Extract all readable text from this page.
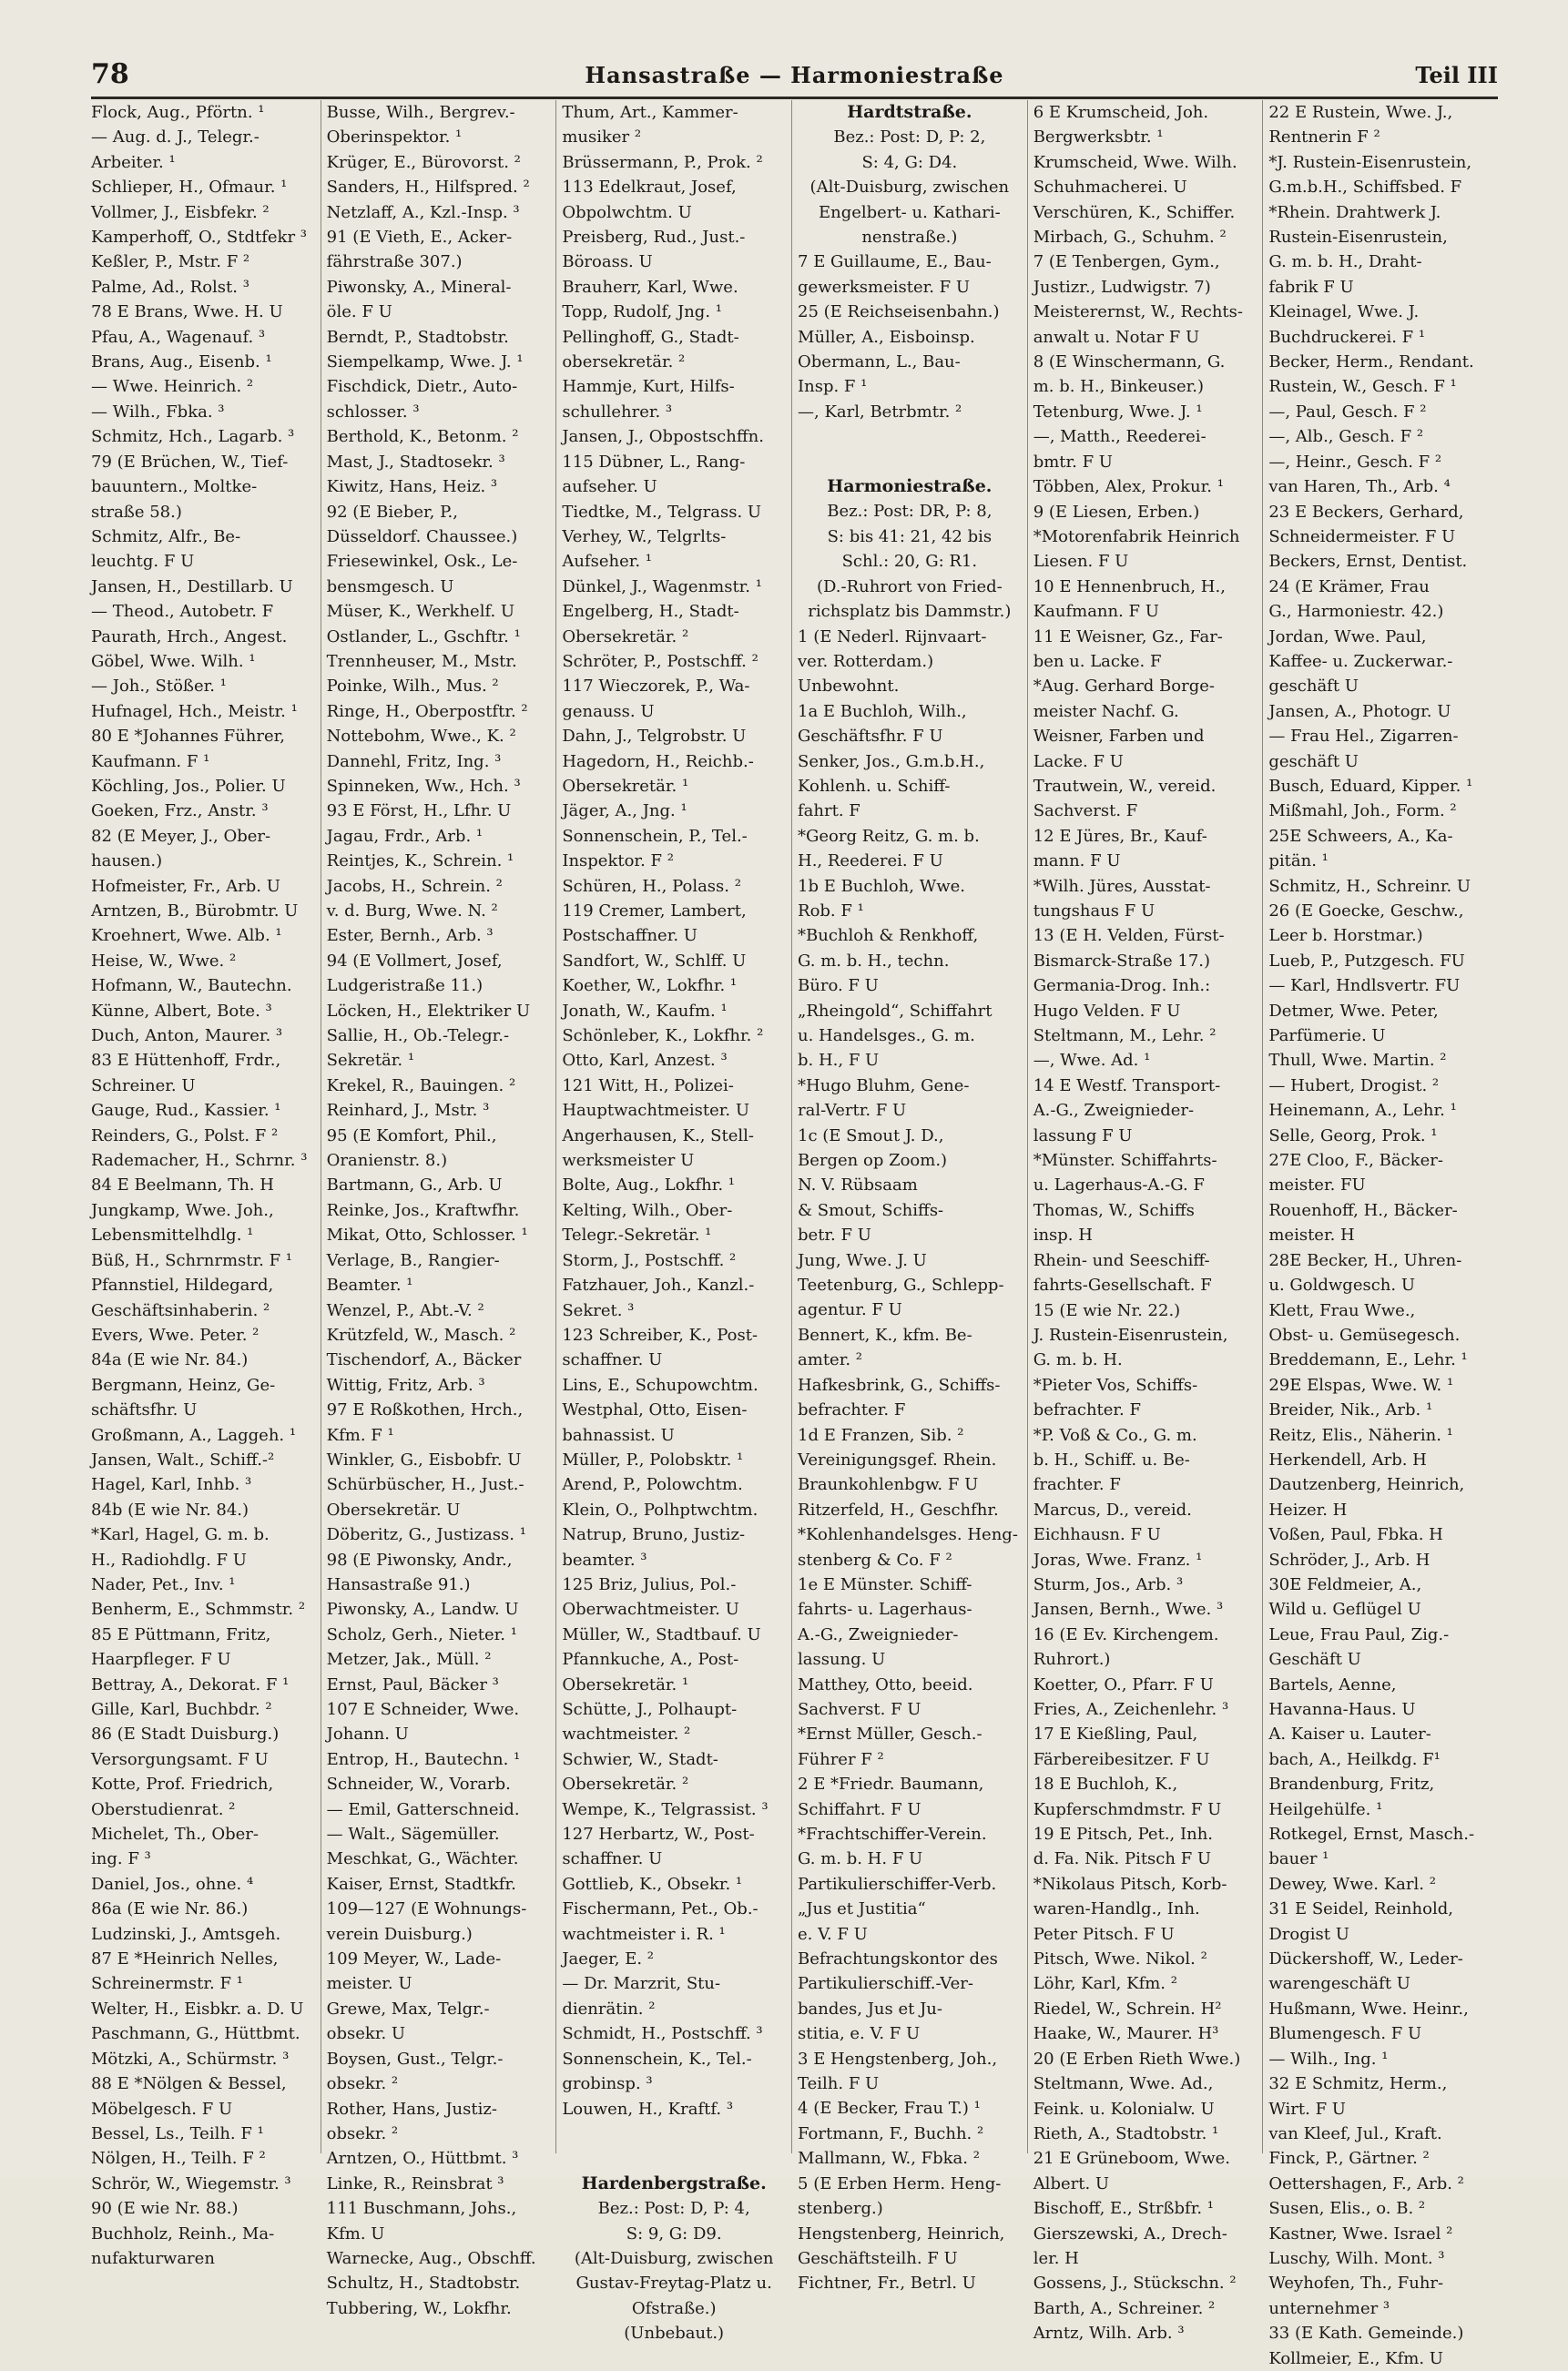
78	Hansastraße — Harmoniestraße	Teil III
Flock, Aug., Pförtn. ¹
— Aug. d. J., Telegr.-
Arbeiter. ¹
Schlieper, H., Ofmaur. ¹
Vollmer, J., Eisbfekr. ²
Kamperhoff, O., Stdtfekr ³
Keßler, P., Mstr. F ²
Palme, Ad., Rolst. ³
78 E Brans, Wwe. H. U
Pfau, A., Wagenauf. ³
Brans, Aug., Eisenb. ¹
— Wwe. Heinrich. ²
— Wilh., Fbka. ³
Schmitz, Hch., Lagarb. ³
79 (E Brüchen, W., Tief-
bauuntern., Moltke-
straße 58.)
Schmitz, Alfr., Be-
leuchtg. F U
Jansen, H., Destillarb. U
— Theod., Autobetr. F
Paurath, Hrch., Angest.
Göbel, Wwe. Wilh. ¹
— Joh., Stößer. ¹
Hufnagel, Hch., Meistr. ¹
80 E *Johannes Führer,
Kaufmann. F ¹
Köchling, Jos., Polier. U
Goeken, Frz., Anstr. ³
82 (E Meyer, J., Ober-
hausen.)
Hofmeister, Fr., Arb. U
Arntzen, B., Bürobmtr. U
Kroehnert, Wwe. Alb. ¹
Heise, W., Wwe. ²
Hofmann, W., Bautechn.
Künne, Albert, Bote. ³
Duch, Anton, Maurer. ³
83 E Hüttenhoff, Frdr.,
Schreiner. U
Gauge, Rud., Kassier. ¹
Reinders, G., Polst. F ²
Rademacher, H., Schrnr. ³
84 E Beelmann, Th. H
Jungkamp, Wwe. Joh.,
Lebensmittelhdlg. ¹
Büß, H., Schrnrmstr. F ¹
Pfannstiel, Hildegard,
Geschäftsinhaberin. ²
Evers, Wwe. Peter. ²
84a (E wie Nr. 84.)
Bergmann, Heinz, Ge-
schäftsfhr. U
Großmann, A., Laggeh. ¹
Jansen, Walt., Schiff.-²
Hagel, Karl, Inhb. ³
84b (E wie Nr. 84.)
*Karl, Hagel, G. m. b.
H., Radiohdlg. F U
Nader, Pet., Inv. ¹
Benherm, E., Schmmstr. ²
85 E Püttmann, Fritz,
Haarpfleger. F U
Bettray, A., Dekorat. F ¹
Gille, Karl, Buchbdr. ²
86 (E Stadt Duisburg.)
Versorgungsamt. F U
Kotte, Prof. Friedrich,
Oberstudienrat. ²
Michelet, Th., Ober-
ing. F ³
Daniel, Jos., ohne. ⁴
86a (E wie Nr. 86.)
Ludzinski, J., Amtsgeh.
87 E *Heinrich Nelles,
Schreinermstr. F ¹
Welter, H., Eisbkr. a. D. U
Paschmann, G., Hüttbmt.
Mötzki, A., Schürmstr. ³
88 E *Nölgen & Bessel,
Möbelgesch. F U
Bessel, Ls., Teilh. F ¹
Nölgen, H., Teilh. F ²
Schrör, W., Wiegemstr. ³
90 (E wie Nr. 88.)
Buchholz, Reinh., Ma-
nufakturwaren
Busse, Wilh., Bergrev.-
Oberinspektor. ¹
Krüger, E., Bürovorst. ²
Sanders, H., Hilfspred. ²
Netzlaff, A., Kzl.-Insp. ³
91 (E Vieth, E., Acker-
fährstraße 307.)
Piwonsky, A., Mineral-
öle. F U
Berndt, P., Stadtobstr.
Siempelkamp, Wwe. J. ¹
Fischdick, Dietr., Auto-
schlosser. ³
Berthold, K., Betonm. ²
Mast, J., Stadtosekr. ³
Kiwitz, Hans, Heiz. ³
92 (E Bieber, P.,
Düsseldorf. Chaussee.)
Friesewinkel, Osk., Le-
bensmgesch. U
Müser, K., Werkhelf. U
Ostlander, L., Gschftr. ¹
Trennheuser, M., Mstr.
Poinke, Wilh., Mus. ²
Ringe, H., Oberpostftr. ²
Nottebohm, Wwe., K. ²
Dannehl, Fritz, Ing. ³
Spinneken, Ww., Hch. ³
93 E Först, H., Lfhr. U
Jagau, Frdr., Arb. ¹
Reintjes, K., Schrein. ¹
Jacobs, H., Schrein. ²
v. d. Burg, Wwe. N. ²
Ester, Bernh., Arb. ³
94 (E Vollmert, Josef,
Ludgeristraße 11.)
Löcken, H., Elektriker U
Sallie, H., Ob.-Telegr.-
Sekretär. ¹
Krekel, R., Bauingen. ²
Reinhard, J., Mstr. ³
95 (E Komfort, Phil.,
Oranienstr. 8.)
Bartmann, G., Arb. U
Reinke, Jos., Kraftwfhr.
Mikat, Otto, Schlosser. ¹
Verlage, B., Rangier-
Beamter. ¹
Wenzel, P., Abt.-V. ²
Krützfeld, W., Masch. ²
Tischendorf, A., Bäcker
Wittig, Fritz, Arb. ³
97 E Roßkothen, Hrch.,
Kfm. F ¹
Winkler, G., Eisbobfr. U
Schürbüscher, H., Just.-
Obersekretär. U
Döberitz, G., Justizass. ¹
98 (E Piwonsky, Andr.,
Hansastraße 91.)
Piwonsky, A., Landw. U
Scholz, Gerh., Nieter. ¹
Metzer, Jak., Müll. ²
Ernst, Paul, Bäcker ³
107 E Schneider, Wwe.
Johann. U
Entrop, H., Bautechn. ¹
Schneider, W., Vorarb.
— Emil, Gatterschneid.
— Walt., Sägemüller.
Meschkat, G., Wächter.
Kaiser, Ernst, Stadtkfr.
109—127 (E Wohnungs-
verein Duisburg.)
109 Meyer, W., Lade-
meister. U
Grewe, Max, Telgr.-
obsekr. U
Boysen, Gust., Telgr.-
obsekr. ²
Rother, Hans, Justiz-
obsekr. ²
Arntzen, O., Hüttbmt. ³
Linke, R., Reinsbrat ³
111 Buschmann, Johs.,
Kfm. U
Warnecke, Aug., Obschff.
Schultz, H., Stadtobstr.
Tubbering, W., Lokfhr.
Thum, Art., Kammer-
musiker ²
Brüssermann, P., Prok. ²
113 Edelkraut, Josef,
Obpolwchtm. U
Preisberg, Rud., Just.-
Böroass. U
Brauherr, Karl, Wwe.
Topp, Rudolf, Jng. ¹
Pellinghoff, G., Stadt-
obersekretär. ²
Hammje, Kurt, Hilfs-
schullehrer. ³
Jansen, J., Obpostschffn.
115 Dübner, L., Rang-
aufseher. U
Tiedtke, M., Telgrass. U
Verhey, W., Telgrlts-
Aufseher. ¹
Dünkel, J., Wagenmstr. ¹
Engelberg, H., Stadt-
Obersekretär. ²
Schröter, P., Postschff. ²
117 Wieczorek, P., Wa-
genauss. U
Dahn, J., Telgrobstr. U
Hagedorn, H., Reichb.-
Obersekretär. ¹
Jäger, A., Jng. ¹
Sonnenschein, P., Tel.-
Inspektor. F ²
Schüren, H., Polass. ²
119 Cremer, Lambert,
Postschaffner. U
Sandfort, W., Schlff. U
Koether, W., Lokfhr. ¹
Jonath, W., Kaufm. ¹
Schönleber, K., Lokfhr. ²
Otto, Karl, Anzest. ³
121 Witt, H., Polizei-
Hauptwachtmeister. U
Angerhausen, K., Stell-
werksmeister U
Bolte, Aug., Lokfhr. ¹
Kelting, Wilh., Ober-
Telegr.-Sekretär. ¹
Storm, J., Postschff. ²
Fatzhauer, Joh., Kanzl.-
Sekret. ³
123 Schreiber, K., Post-
schaffner. U
Lins, E., Schupowchtm.
Westphal, Otto, Eisen-
bahnassist. U
Müller, P., Polobsktr. ¹
Arend, P., Polowchtm.
Klein, O., Polhptwchtm.
Natrup, Bruno, Justiz-
beamter. ³
125 Briz, Julius, Pol.-
Oberwachtmeister. U
Müller, W., Stadtbauf. U
Pfannkuche, A., Post-
Obersekretär. ¹
Schütte, J., Polhaupt-
wachtmeister. ²
Schwier, W., Stadt-
Obersekretär. ²
Wempe, K., Telgrassist. ³
127 Herbartz, W., Post-
schaffner. U
Gottlieb, K., Obsekr. ¹
Fischermann, Pet., Ob.-
wachtmeister i. R. ¹
Jaeger, E. ²
— Dr. Marzrit, Stu-
dienrätin. ²
Schmidt, H., Postschff. ³
Sonnenschein, K., Tel.-
grobinsp. ³
Louwen, H., Kraftf. ³
Hardenbergstraße.
Bez.: Post: D, P: 4,
S: 9, G: D9.
(Alt-Duisburg, zwischen
Gustav-Freytag-Platz u.
Ofstraße.)
(Unbebaut.)
Hardtstraße.
Bez.: Post: D, P: 2,
S: 4, G: D4.
(Alt-Duisburg, zwischen
Engelbert- u. Kathari-
nenstraße.)
7 E Guillaume, E., Bau-
gewerksmeister. F U
25 (E Reichseisenbahn.)
Müller, A., Eisboinsp.
Obermann, L., Bau-
Insp. F ¹
—, Karl, Betrbmtr. ²
Harmoniestraße.
Bez.: Post: DR, P: 8,
S: bis 41: 21, 42 bis
Schl.: 20, G: R1.
(D.-Ruhrort von Fried-
richsplatz bis Dammstr.)
1 (E Nederl. Rijnvaart-
ver. Rotterdam.)
Unbewohnt.
1a E Buchloh, Wilh.,
Geschäftsfhr. F U
Senker, Jos., G.m.b.H.,
Kohlenh. u. Schiff-
fahrt. F
*Georg Reitz, G. m. b.
H., Reederei. F U
1b E Buchloh, Wwe.
Rob. F ¹
*Buchloh & Renkhoff,
G. m. b. H., techn.
Büro. F U
„Rheingold“, Schiffahrt
u. Handelsges., G. m.
b. H., F U
*Hugo Bluhm, Gene-
ral-Vertr. F U
1c (E Smout J. D.,
Bergen op Zoom.)
N. V. Rübsaam
& Smout, Schiffs-
betr. F U
Jung, Wwe. J. U
Teetenburg, G., Schlepp-
agentur. F U
Bennert, K., kfm. Be-
amter. ²
Hafkesbrink, G., Schiffs-
befrachter. F
1d E Franzen, Sib. ²
Vereinigungsgef. Rhein.
Braunkohlenbgw. F U
Ritzerfeld, H., Geschfhr.
*Kohlenhandelsges. Heng-
stenberg & Co. F ²
1e E Münster. Schiff-
fahrts- u. Lagerhaus-
A.-G., Zweignieder-
lassung. U
Matthey, Otto, beeid.
Sachverst. F U
*Ernst Müller, Gesch.-
Führer F ²
2 E *Friedr. Baumann,
Schiffahrt. F U
*Frachtschiffer-Verein.
G. m. b. H. F U
Partikulierschiffer-Verb.
„Jus et Justitia“
e. V. F U
Befrachtungskontor des
Partikulierschiff.-Ver-
bandes, Jus et Ju-
stitia, e. V. F U
3 E Hengstenberg, Joh.,
Teilh. F U
4 (E Becker, Frau T.) ¹
Fortmann, F., Buchh. ²
Mallmann, W., Fbka. ²
5 (E Erben Herm. Heng-
stenberg.)
Hengstenberg, Heinrich,
Geschäftsteilh. F U
Fichtner, Fr., Betrl. U
6 E Krumscheid, Joh.
Bergwerksbtr. ¹
Krumscheid, Wwe. Wilh.
Schuhmacherei. U
Verschüren, K., Schiffer.
Mirbach, G., Schuhm. ²
7 (E Tenbergen, Gym.,
Justizr., Ludwigstr. 7)
Meisterernst, W., Rechts-
anwalt u. Notar F U
8 (E Winschermann, G.
m. b. H., Binkeuser.)
Tetenburg, Wwe. J. ¹
—, Matth., Reederei-
bmtr. F U
Többen, Alex, Prokur. ¹
9 (E Liesen, Erben.)
*Motorenfabrik Heinrich
Liesen. F U
10 E Hennenbruch, H.,
Kaufmann. F U
11 E Weisner, Gz., Far-
ben u. Lacke. F
*Aug. Gerhard Borge-
meister Nachf. G.
Weisner, Farben und
Lacke. F U
Trautwein, W., vereid.
Sachverst. F
12 E Jüres, Br., Kauf-
mann. F U
*Wilh. Jüres, Ausstat-
tungshaus F U
13 (E H. Velden, Fürst-
Bismarck-Straße 17.)
Germania-Drog. Inh.:
Hugo Velden. F U
Steltmann, M., Lehr. ²
—, Wwe. Ad. ¹
14 E Westf. Transport-
A.-G., Zweignieder-
lassung F U
*Münster. Schiffahrts-
u. Lagerhaus-A.-G. F
Thomas, W., Schiffs
insp. H
Rhein- und Seeschiff-
fahrts-Gesellschaft. F
15 (E wie Nr. 22.)
J. Rustein-Eisenrustein,
G. m. b. H.
*Pieter Vos, Schiffs-
befrachter. F
*P. Voß & Co., G. m.
b. H., Schiff. u. Be-
frachter. F
Marcus, D., vereid.
Eichhausn. F U
Joras, Wwe. Franz. ¹
Sturm, Jos., Arb. ³
Jansen, Bernh., Wwe. ³
16 (E Ev. Kirchengem.
Ruhrort.)
Koetter, O., Pfarr. F U
Fries, A., Zeichenlehr. ³
17 E Kießling, Paul,
Färbereibesitzer. F U
18 E Buchloh, K.,
Kupferschmdmstr. F U
19 E Pitsch, Pet., Inh.
d. Fa. Nik. Pitsch F U
*Nikolaus Pitsch, Korb-
waren-Handlg., Inh.
Peter Pitsch. F U
Pitsch, Wwe. Nikol. ²
Löhr, Karl, Kfm. ²
Riedel, W., Schrein. H²
Haake, W., Maurer. H³
20 (E Erben Rieth Wwe.)
Steltmann, Wwe. Ad.,
Feink. u. Kolonialw. U
Rieth, A., Stadtobstr. ¹
21 E Grüneboom, Wwe.
Albert. U
Bischoff, E., Strßbfr. ¹
Gierszewski, A., Drech-
ler. H
Gossens, J., Stückschn. ²
Barth, A., Schreiner. ²
Arntz, Wilh. Arb. ³
22 E Rustein, Wwe. J.,
Rentnerin F ²
*J. Rustein-Eisenrustein,
G.m.b.H., Schiffsbed. F
*Rhein. Drahtwerk J.
Rustein-Eisenrustein,
G. m. b. H., Draht-
fabrik F U
Kleinagel, Wwe. J.
Buchdruckerei. F ¹
Becker, Herm., Rendant.
Rustein, W., Gesch. F ¹
—, Paul, Gesch. F ²
—, Alb., Gesch. F ²
—, Heinr., Gesch. F ²
van Haren, Th., Arb. ⁴
23 E Beckers, Gerhard,
Schneidermeister. F U
Beckers, Ernst, Dentist.
24 (E Krämer, Frau
G., Harmoniestr. 42.)
Jordan, Wwe. Paul,
Kaffee- u. Zuckerwar.-
geschäft U
Jansen, A., Photogr. U
— Frau Hel., Zigarren-
geschäft U
Busch, Eduard, Kipper. ¹
Mißmahl, Joh., Form. ²
25E Schweers, A., Ka-
pitän. ¹
Schmitz, H., Schreinr. U
26 (E Goecke, Geschw.,
Leer b. Horstmar.)
Lueb, P., Putzgesch. FU
— Karl, Hndlsvertr. FU
Detmer, Wwe. Peter,
Parfümerie. U
Thull, Wwe. Martin. ²
— Hubert, Drogist. ²
Heinemann, A., Lehr. ¹
Selle, Georg, Prok. ¹
27E Cloo, F., Bäcker-
meister. FU
Rouenhoff, H., Bäcker-
meister. H
28E Becker, H., Uhren-
u. Goldwgesch. U
Klett, Frau Wwe.,
Obst- u. Gemüsegesch.
Breddemann, E., Lehr. ¹
29E Elspas, Wwe. W. ¹
Breider, Nik., Arb. ¹
Reitz, Elis., Näherin. ¹
Herkendell, Arb. H
Dautzenberg, Heinrich,
Heizer. H
Voßen, Paul, Fbka. H
Schröder, J., Arb. H
30E Feldmeier, A.,
Wild u. Geflügel U
Leue, Frau Paul, Zig.-
Geschäft U
Bartels, Aenne,
Havanna-Haus. U
A. Kaiser u. Lauter-
bach, A., Heilkdg. F¹
Brandenburg, Fritz,
Heilgehülfe. ¹
Rotkegel, Ernst, Masch.-
bauer ¹
Dewey, Wwe. Karl. ²
31 E Seidel, Reinhold,
Drogist U
Dückershoff, W., Leder-
warengeschäft U
Hußmann, Wwe. Heinr.,
Blumengesch. F U
— Wilh., Ing. ¹
32 E Schmitz, Herm.,
Wirt. F U
van Kleef, Jul., Kraft.
Finck, P., Gärtner. ²
Oettershagen, F., Arb. ²
Susen, Elis., o. B. ²
Kastner, Wwe. Israel ²
Luschy, Wilh. Mont. ³
Weyhofen, Th., Fuhr-
unternehmer ³
33 (E Kath. Gemeinde.)
Kollmeier, E., Kfm. U
